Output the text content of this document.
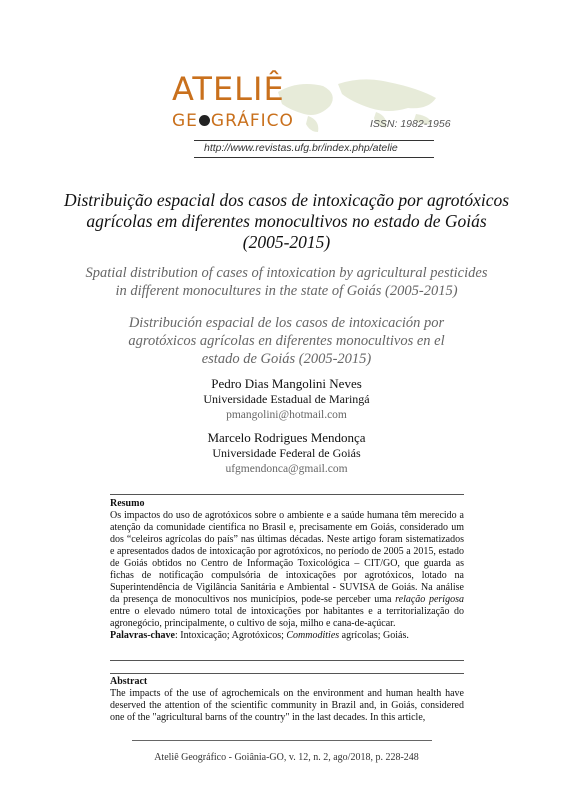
ATELIÊ
GE GRÁFICO	ISSN: 1982-1956
http://www.revistas.ufg.br/index.php/atelie
Distribuição espacial dos casos de intoxicação por agrotóxicos
agrícolas em diferentes monocultivos no estado de Goiás
(2005-2015)
Spatial distribution of cases of intoxication by agricultural pesticides
in different monocultures in the state of Goiás (2005-2015)
Distribución espacial de los casos de intoxicación por
agrotóxicos agrícolas en diferentes monocultivos en el
estado de Goiás (2005-2015)
Pedro Dias Mangolini Neves
Universidade Estadual de Maringá
pmangolini@hotmail.com
Marcelo Rodrigues Mendonça
Universidade Federal de Goiás
ufgmendonca@gmail.com
Resumo
Os impactos do uso de agrotóxicos sobre o ambiente e a saúde humana têm merecido a atenção da comunidade científica no Brasil e, precisamente em Goiás, considerado um dos “celeiros agrícolas do país” nas últimas décadas. Neste artigo foram sistematizados e apresentados dados de intoxicação por agrotóxicos, no período de 2005 a 2015, estado de Goiás obtidos no Centro de Informação Toxicológica – CIT/GO, que guarda as fichas de notificação compulsória de intoxicações por agrotóxicos, lotado na Superintendência de Vigilância Sanitária e Ambiental - SUVISA de Goiás. Na análise da presença de monocultivos nos municípios, pode-se perceber uma relação perigosa entre o elevado número total de intoxicações por habitantes e a territorialização do agronegócio, principalmente, o cultivo de soja, milho e cana-de-açúcar.
Palavras-chave: Intoxicação; Agrotóxicos; Commodities agrícolas; Goiás.
Abstract
The impacts of the use of agrochemicals on the environment and human health have deserved the attention of the scientific community in Brazil and, in Goiás, considered one of the "agricultural barns of the country" in the last decades. In this article,
Ateliê Geográfico - Goiânia-GO, v. 12, n. 2, ago/2018, p. 228-248
